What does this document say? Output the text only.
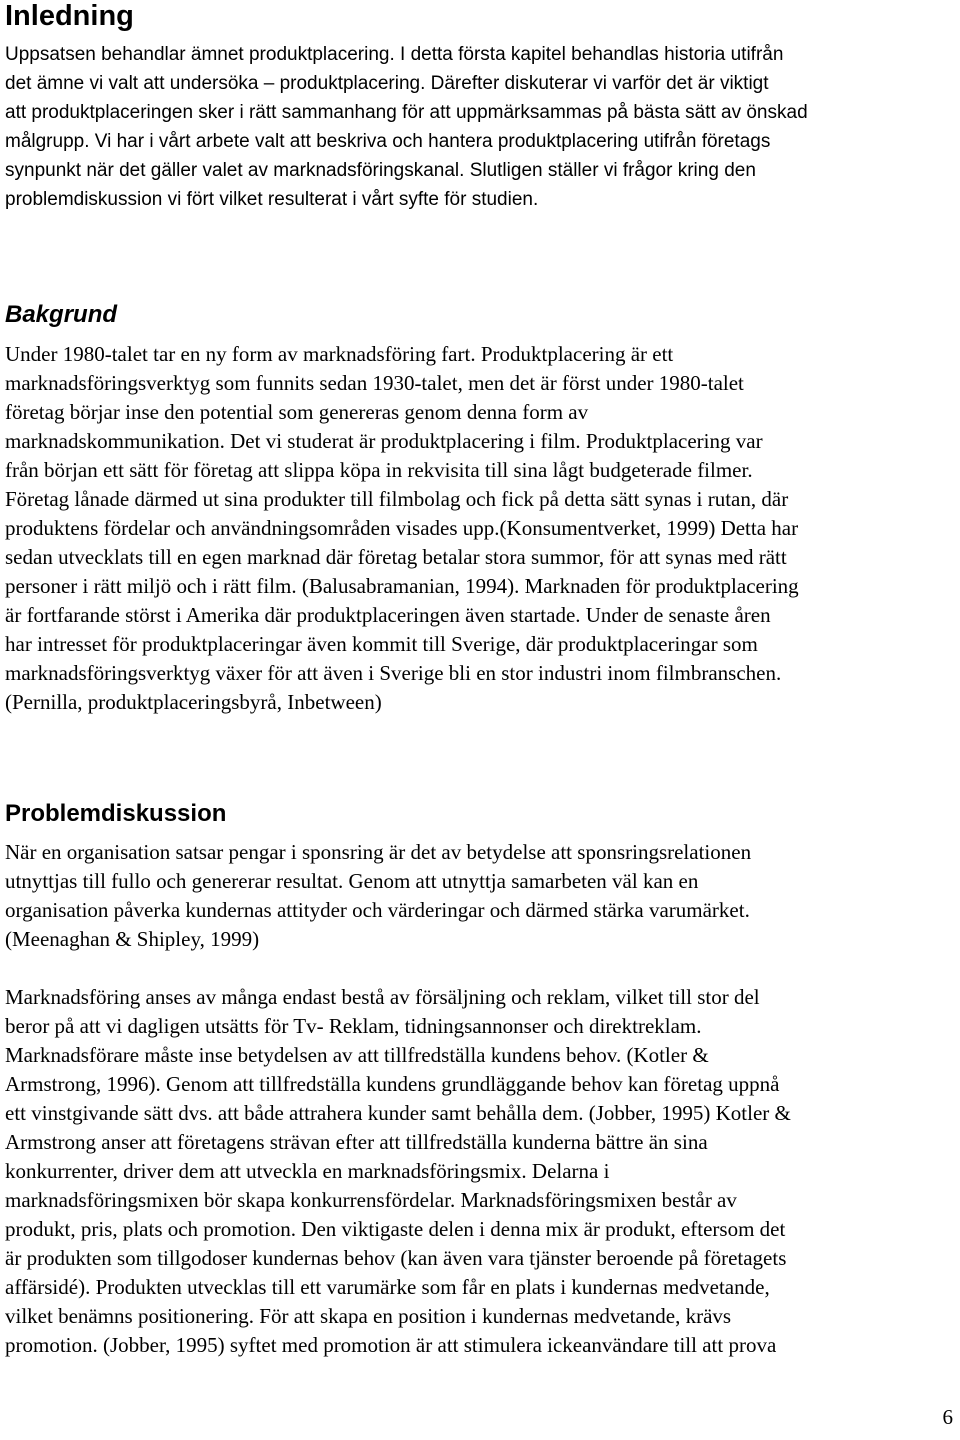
Inledning
Uppsatsen behandlar ämnet produktplacering. I detta första kapitel behandlas historia utifrån
det ämne vi valt att undersöka – produktplacering. Därefter diskuterar vi varför det är viktigt
att produktplaceringen sker i rätt sammanhang för att uppmärksammas på bästa sätt av önskad
målgrupp. Vi har i vårt arbete valt att beskriva och hantera produktplacering utifrån företags
synpunkt när det gäller valet av marknadsföringskanal. Slutligen ställer vi frågor kring den
problemdiskussion vi fört vilket resulterat i vårt syfte för studien.
Bakgrund
Under 1980-talet tar en ny form av marknadsföring fart. Produktplacering är ett
marknadsföringsverktyg som funnits sedan 1930-talet, men det är först under 1980-talet
företag börjar inse den potential som genereras genom denna form av
marknadskommunikation. Det vi studerat är produktplacering i film. Produktplacering var
från början ett sätt för företag att slippa köpa in rekvisita till sina lågt budgeterade filmer.
Företag lånade därmed ut sina produkter till filmbolag och fick på detta sätt synas i rutan, där
produktens fördelar och användningsområden visades upp.(Konsumentverket, 1999) Detta har
sedan utvecklats till en egen marknad där företag betalar stora summor, för att synas med rätt
personer i rätt miljö och i rätt film. (Balusabramanian, 1994). Marknaden för produktplacering
är fortfarande störst i Amerika där produktplaceringen även startade. Under de senaste åren
har intresset för produktplaceringar även kommit till Sverige, där produktplaceringar som
marknadsföringsverktyg växer för att även i Sverige bli en stor industri inom filmbranschen.
(Pernilla, produktplaceringsbyrå, Inbetween)
Problemdiskussion
När en organisation satsar pengar i sponsring är det av betydelse att sponsringsrelationen
utnyttjas till fullo och genererar resultat. Genom att utnyttja samarbeten väl kan en
organisation påverka kundernas attityder och värderingar och därmed stärka varumärket.
(Meenaghan & Shipley, 1999)
Marknadsföring anses av många endast bestå av försäljning och reklam, vilket till stor del
beror på att vi dagligen utsätts för Tv- Reklam, tidningsannonser och direktreklam.
Marknadsförare måste inse betydelsen av att tillfredställa kundens behov. (Kotler &
Armstrong, 1996). Genom att tillfredställa kundens grundläggande behov kan företag uppnå
ett vinstgivande sätt dvs. att både attrahera kunder samt behålla dem. (Jobber, 1995) Kotler &
Armstrong anser att företagens strävan efter att tillfredställa kunderna bättre än sina
konkurrenter, driver dem att utveckla en marknadsföringsmix. Delarna i
marknadsföringsmixen bör skapa konkurrensfördelar. Marknadsföringsmixen består av
produkt, pris, plats och promotion. Den viktigaste delen i denna mix är produkt, eftersom det
är produkten som tillgodoser kundernas behov (kan även vara tjänster beroende på företagets
affärsidé). Produkten utvecklas till ett varumärke som får en plats i kundernas medvetande,
vilket benämns positionering. För att skapa en position i kundernas medvetande, krävs
promotion. (Jobber, 1995) syftet med promotion är att stimulera ickeanvändare till att prova
6
